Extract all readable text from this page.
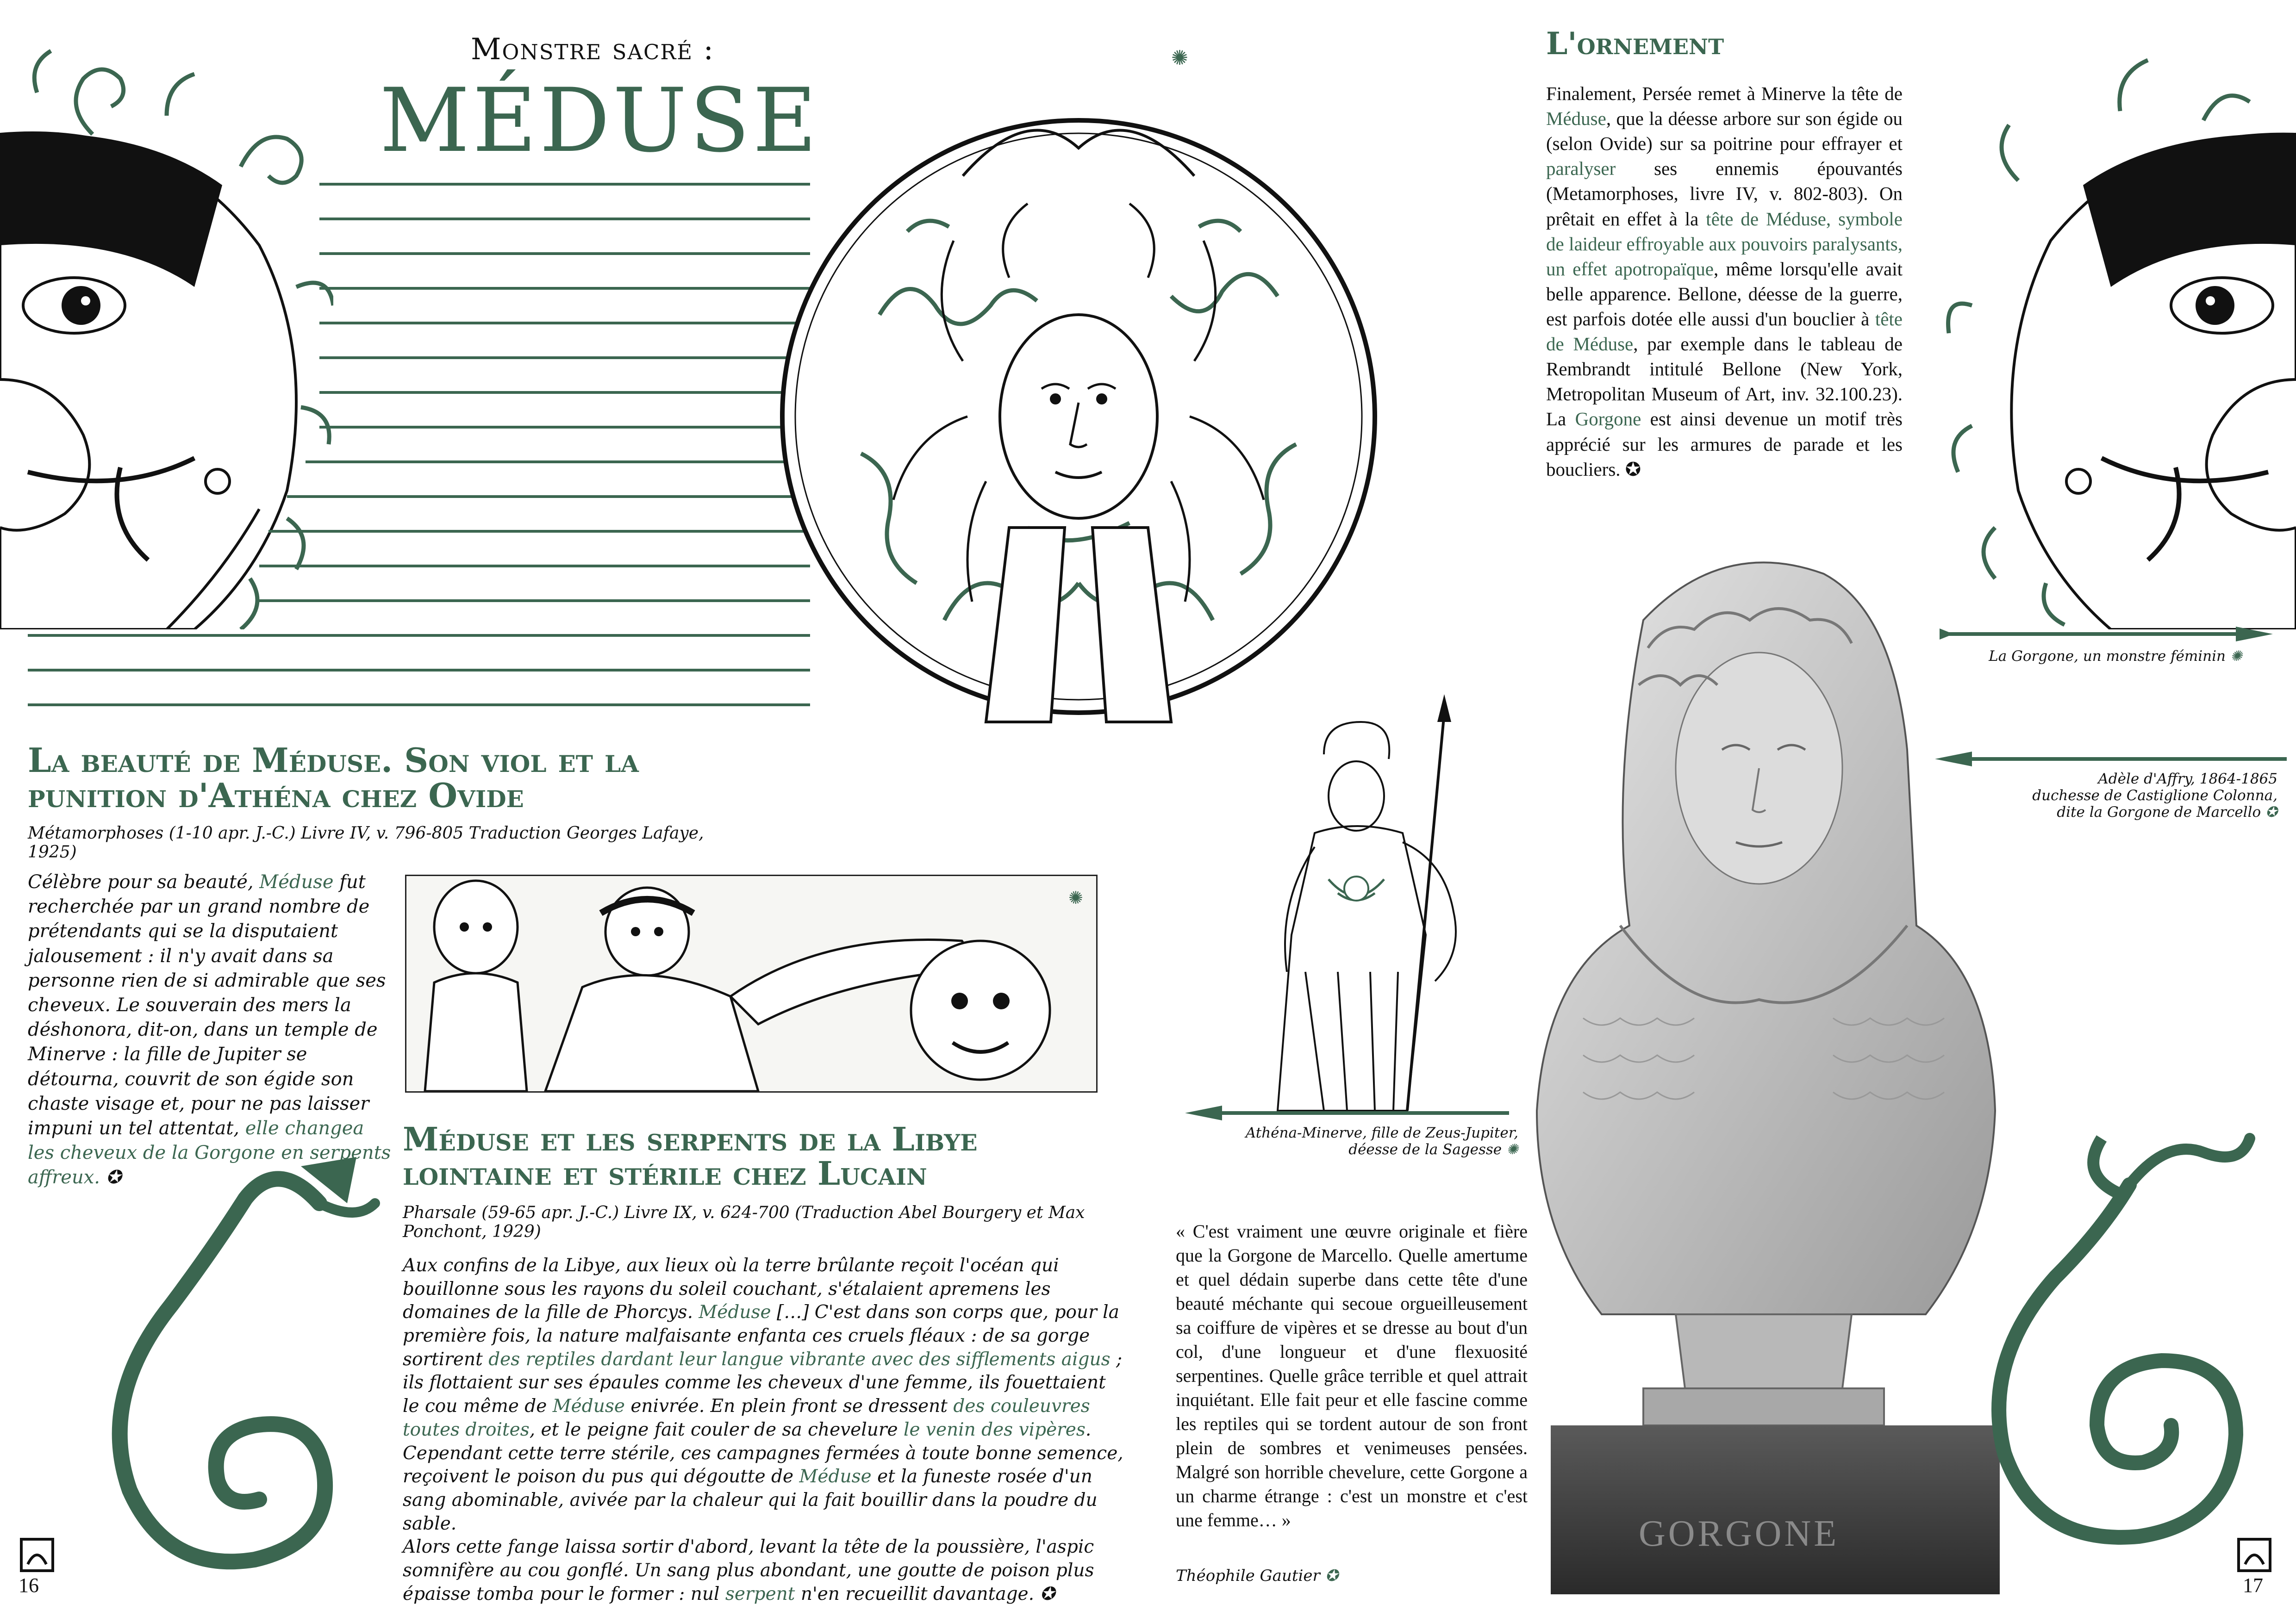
Monstre sacré :
MÉDUSE
✺
La beauté de Méduse. Son viol et la
punition d'Athéna chez Ovide
Métamorphoses (1-10 apr. J.-C.) Livre IV, v. 796-805 Traduction Georges Lafaye, 1925)
Célèbre pour sa beauté, Méduse fut recherchée par un grand nombre de prétendants qui se la disputaient jalousement : il n'y avait dans sa personne rien de si admirable que ses cheveux. Le souverain des mers la déshonora, dit-on, dans un temple de Minerve : la fille de Jupiter se détourna, couvrit de son égide son chaste visage et, pour ne pas laisser impuni un tel attentat, elle changea les cheveux de la Gorgone en serpents affreux. ✪
✺
Méduse et les serpents de la Libye
lointaine et stérile chez Lucain
Pharsale (59-65 apr. J.-C.) Livre IX, v. 624-700 (Traduction Abel Bourgery et Max Ponchont, 1929)
Aux confins de la Libye, aux lieux où la terre brûlante reçoit l'océan qui bouillonne sous les rayons du soleil couchant, s'étalaient apremens les domaines de la fille de Phorcys. Méduse […] C'est dans son corps que, pour la première fois, la nature malfaisante enfanta ces cruels fléaux : de sa gorge sortirent des reptiles dardant leur langue vibrante avec des sifflements aigus ; ils flottaient sur ses épaules comme les cheveux d'une femme, ils fouettaient le cou même de Méduse enivrée. En plein front se dressent des couleuvres toutes droites, et le peigne fait couler de sa chevelure le venin des vipères. Cependant cette terre stérile, ces campagnes fermées à toute bonne semence, reçoivent le poison du pus qui dégoutte de Méduse et la funeste rosée d'un sang abominable, avivée par la chaleur qui la fait bouillir dans la poudre du sable.
Alors cette fange laissa sortir d'abord, levant la tête de la poussière, l'aspic somnifère au cou gonflé. Un sang plus abondant, une goutte de poison plus épaisse tomba pour le former : nul serpent n'en recueillit davantage. ✪
16
L'ornement
Finalement, Persée remet à Minerve la tête de Méduse, que la déesse arbore sur son égide ou (selon Ovide) sur sa poitrine pour effrayer et paralyser ses ennemis épouvantés (Metamorphoses, livre IV, v. 802-803). On prêtait en effet à la tête de Méduse, symbole de laideur effroyable aux pouvoirs paralysants, un effet apotropaïque, même lorsqu'elle avait belle apparence. Bellone, déesse de la guerre, est parfois dotée elle aussi d'un bouclier à tête de Méduse, par exemple dans le tableau de Rembrandt intitulé Bellone (New York, Metropolitan Museum of Art, inv. 32.100.23). La Gorgone est ainsi devenue un motif très apprécié sur les armures de parade et les boucliers. ✪
La Gorgone, un monstre féminin ✺
Adèle d'Affry, 1864-1865
duchesse de Castiglione Colonna,
dite la Gorgone de Marcello ✪
Athéna-Minerve, fille de Zeus-Jupiter,
déesse de la Sagesse ✺
GORGONE
« C'est vraiment une œuvre originale et fière que la Gorgone de Marcello. Quelle amertume et quel dédain superbe dans cette tête d'une beauté méchante qui secoue orgueilleusement sa coiffure de vipères et se dresse au bout d'un col, d'une longueur et d'une flexuosité serpentines. Quelle grâce terrible et quel attrait inquiétant. Elle fait peur et elle fascine comme les reptiles qui se tordent autour de son front plein de sombres et venimeuses pensées. Malgré son horrible chevelure, cette Gorgone a un charme étrange : c'est un monstre et c'est une femme… »
Théophile Gautier ✪	17
